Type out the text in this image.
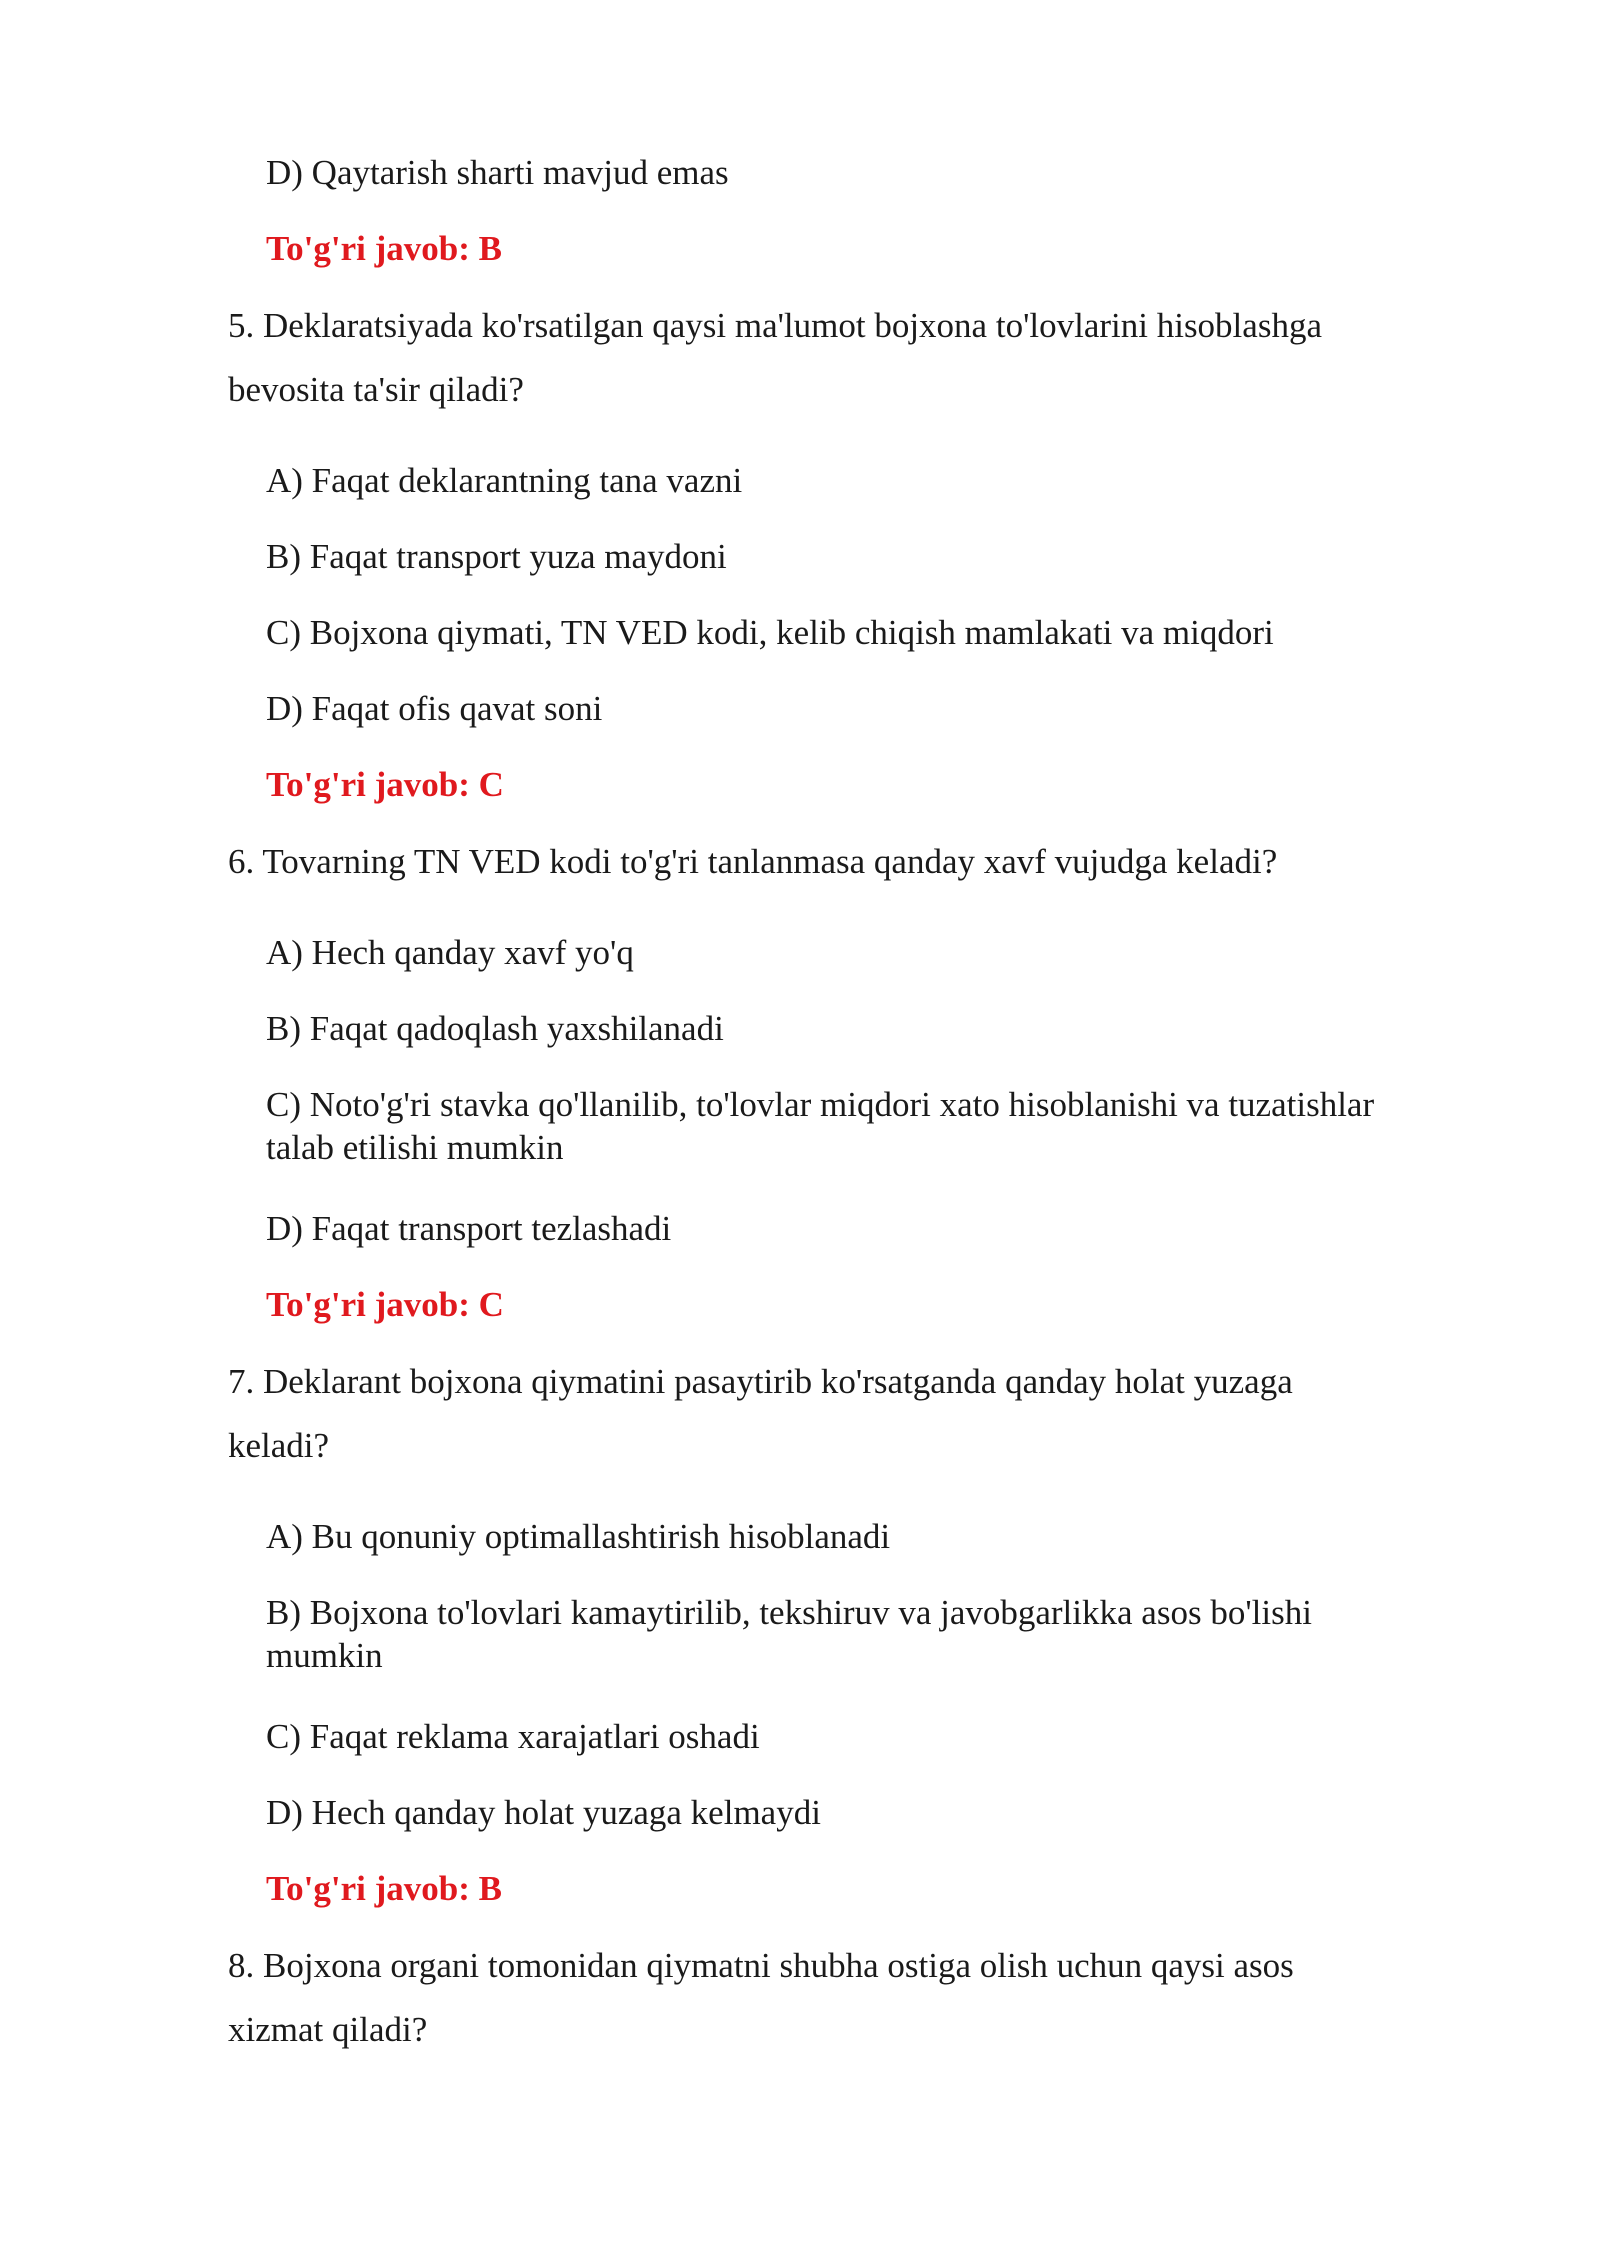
D) Qaytarish sharti mavjud emas
To'g'ri javob: B
5. Deklaratsiyada ko'rsatilgan qaysi ma'lumot bojxona to'lovlarini hisoblashga
bevosita ta'sir qiladi?
A) Faqat deklarantning tana vazni
B) Faqat transport yuza maydoni
C) Bojxona qiymati, TN VED kodi, kelib chiqish mamlakati va miqdori
D) Faqat ofis qavat soni
To'g'ri javob: C
6. Tovarning TN VED kodi to'g'ri tanlanmasa qanday xavf vujudga keladi?
A) Hech qanday xavf yo'q
B) Faqat qadoqlash yaxshilanadi
C) Noto'g'ri stavka qo'llanilib, to'lovlar miqdori xato hisoblanishi va tuzatishlar
talab etilishi mumkin
D) Faqat transport tezlashadi
To'g'ri javob: C
7. Deklarant bojxona qiymatini pasaytirib ko'rsatganda qanday holat yuzaga
keladi?
A) Bu qonuniy optimallashtirish hisoblanadi
B) Bojxona to'lovlari kamaytirilib, tekshiruv va javobgarlikka asos bo'lishi
mumkin
C) Faqat reklama xarajatlari oshadi
D) Hech qanday holat yuzaga kelmaydi
To'g'ri javob: B
8. Bojxona organi tomonidan qiymatni shubha ostiga olish uchun qaysi asos
xizmat qiladi?
